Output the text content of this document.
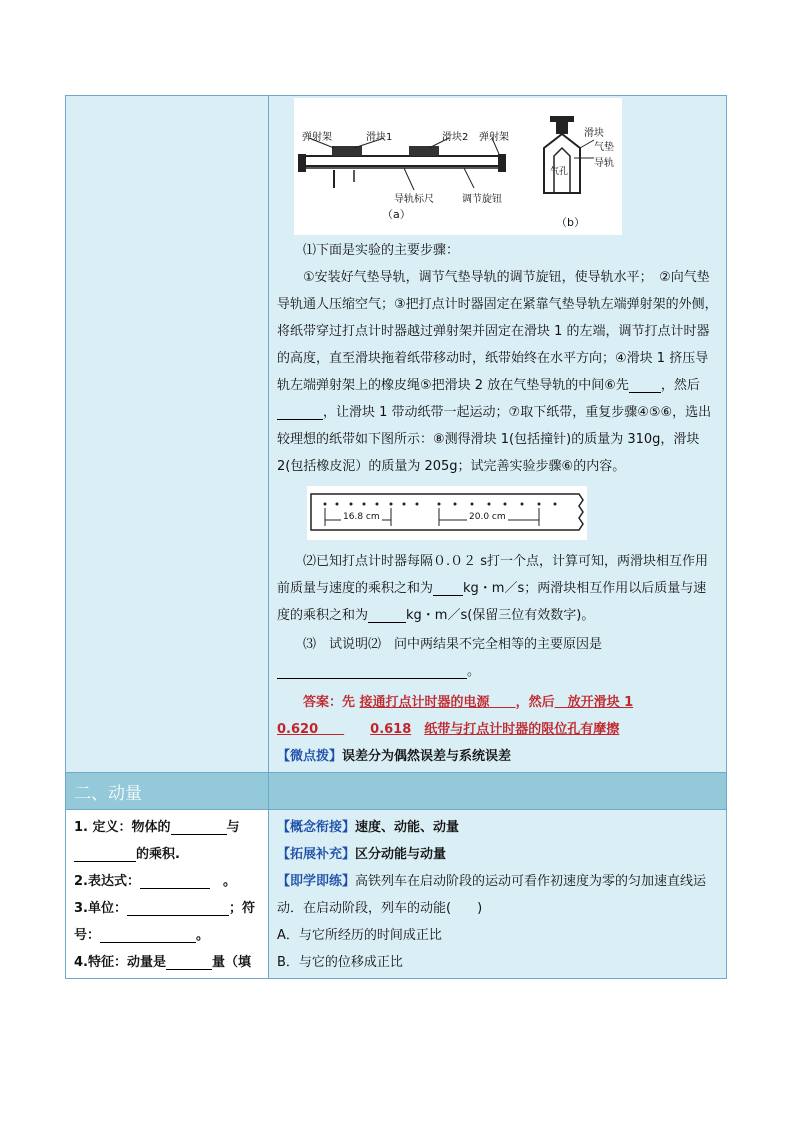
弹射架	滑块1	滑块2 弹射架
导轨标尺	调节旋钮
（a）
滑块
气垫
导轨
气孔
（b）

⑴下面是实验的主要步骤：

①安装好气垫导轨，调节气垫导轨的调节旋钮，使导轨水平；　②向气垫导轨通人压缩空气；③把打点计时器固定在紧靠气垫导轨左端弹射架的外侧，将纸带穿过打点计时器越过弹射架并固定在滑块 1 的左端，调节打点计时器的高度，直至滑块拖着纸带移动时，纸带始终在水平方向；④滑块 1 挤压导轨左端弹射架上的橡皮绳⑤把滑块 2 放在气垫导轨的中间⑥先 ，然后，让滑块 1 带动纸带一起运动；⑦取下纸带，重复步骤④⑤⑥，选出较理想的纸带如下图所示：⑧测得滑块 1(包括撞针)的质量为 310g，滑块 2(包括橡皮泥）的质量为 205g；试完善实验步骤⑥的内容。

16.8 cm	20.0 cm

⑵已知打点计时器每隔０.０２ s打一个点，计算可知，两滑块相互作用前质量与速度的乘积之和为 kg・m／s；两滑块相互作用以后质量与速度的乘积之和为	kg・m／s(保留三位有效数字)。

⑶　试说明⑵　问中两结果不完全相等的主要原因是

。

答案：先 接通打点计时器的电源　　 ，然后　 放开滑块 1

0.620　　　　	0.618　 纸带与打点计时器的限位孔有摩擦

【微点拨】误差分为偶然误差与系统误差

二、动量

1. 定义：物体的	与

的乘积.

2.表达式：　	。

3.单位：	；符

号：	。

4.特征：动量是	量（填

【概念衔接】速度、动能、动量

【拓展补充】区分动能与动量

【即学即练】高铁列车在启动阶段的运动可看作初速度为零的匀加速直线运动．在启动阶段，列车的动能(　　)

A．与它所经历的时间成正比

B．与它的位移成正比
